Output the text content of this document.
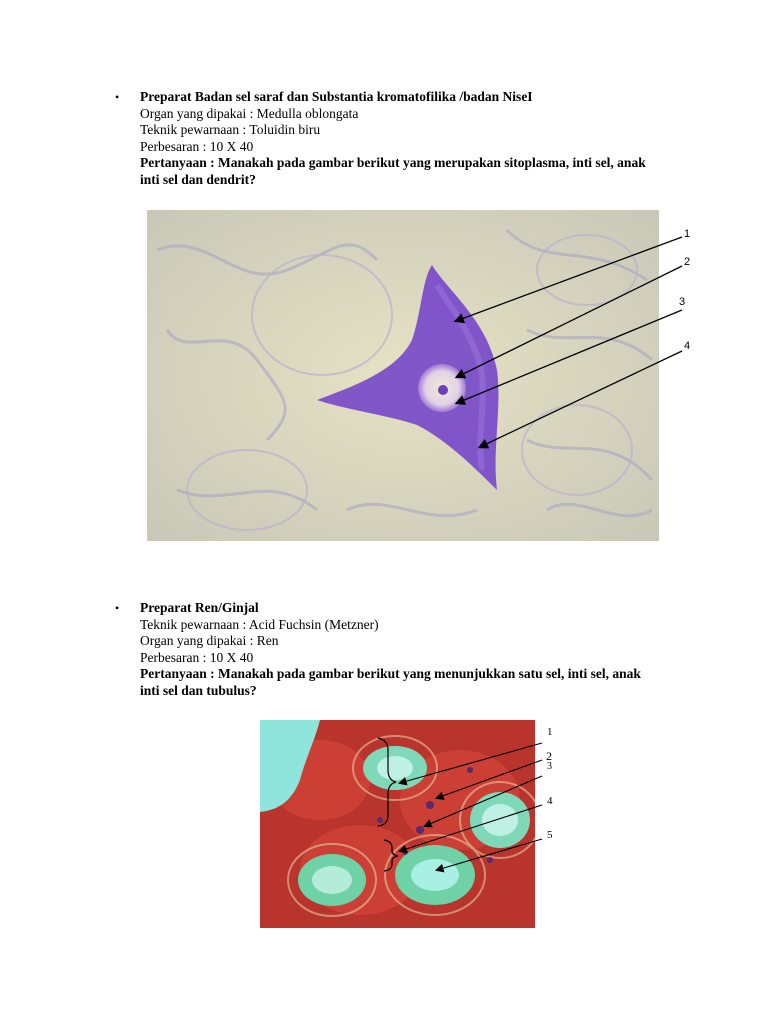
• Preparat Badan sel saraf dan Substantia kromatofilika /badan NiseI
Organ yang dipakai : Medulla oblongata
Teknik pewarnaan : Toluidin biru
Perbesaran : 10 X 40
Pertanyaan : Manakah pada gambar berikut yang merupakan sitoplasma, inti sel, anak inti sel dan dendrit?
1
2
3
4
• Preparat Ren/Ginjal
Teknik pewarnaan : Acid Fuchsin (Metzner)
Organ yang dipakai : Ren
Perbesaran : 10 X 40
Pertanyaan : Manakah pada gambar berikut yang menunjukkan satu sel, inti sel, anak inti sel dan tubulus?
1
2
3
4
5
